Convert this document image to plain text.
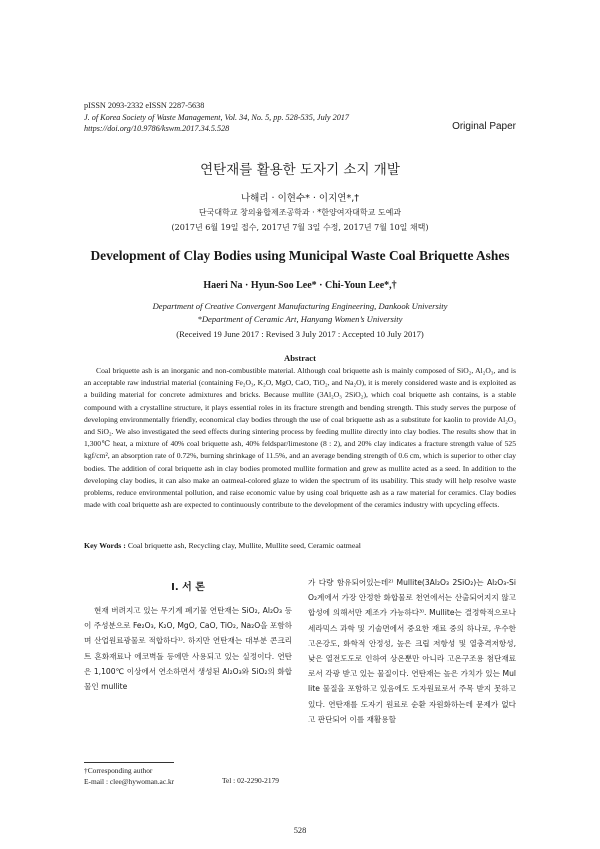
pISSN 2093-2332 eISSN 2287-5638
J. of Korea Society of Waste Management, Vol. 34, No. 5, pp. 528-535, July 2017
https://doi.org/10.9786/kswm.2017.34.5.528	Original Paper
연탄재를 활용한 도자기 소지 개발
나해리 · 이현수* · 이지연*,†
단국대학교 창의융합제조공학과 · *한양여자대학교 도예과
(2017년 6월 19일 접수, 2017년 7월 3일 수정, 2017년 7월 10일 채택)
Development of Clay Bodies using Municipal Waste Coal Briquette Ashes
Haeri Na · Hyun-Soo Lee* · Chi-Youn Lee*,†
Department of Creative Convergent Manufacturing Engineering, Dankook University
*Department of Ceramic Art, Hanyang Women’s University
(Received 19 June 2017 : Revised 3 July 2017 : Accepted 10 July 2017)
Abstract
Coal briquette ash is an inorganic and non-combustible material. Although coal briquette ash is mainly composed of SiO₂, Al₂O₃, and is an acceptable raw industrial material (containing Fe₂O₃, K₂O, MgO, CaO, TiO₂, and Na₂O), it is merely considered waste and is exploited as a building material for concrete admixtures and bricks. Because mullite (3Al₂O₃ 2SiO₂), which coal briquette ash contains, is a stable compound with a crystalline structure, it plays essential roles in its fracture strength and bending strength. This study serves the purpose of developing environmentally friendly, economical clay bodies through the use of coal briquette ash as a substitute for kaolin to provide Al₂O₃ and SiO₂. We also investigated the seed effects during sintering process by feeding mullite directly into clay bodies. The results show that in 1,300℃ heat, a mixture of 40% coal briquette ash, 40% feldspar/limestone (8 : 2), and 20% clay indicates a fracture strength value of 525 kgf/cm², an absorption rate of 0.72%, burning shrinkage of 11.5%, and an average bending strength of 0.6 cm, which is superior to other clay bodies. The addition of coral briquette ash in clay bodies promoted mullite formation and grew as mullite acted as a seed. In addition to the developing clay bodies, it can also make an oatmeal-colored glaze to widen the spectrum of its usability. This study will help resolve waste problems, reduce environmental pollution, and raise economic value by using coal briquette ash as a raw material for ceramics. Clay bodies made with coal briquette ash are expected to continuously contribute to the development of the ceramics industry with upcycling effects.
Key Words : Coal briquette ash, Recycling clay, Mullite, Mullite seed, Ceramic oatmeal
I. 서 론
현재 버려지고 있는 무기계 폐기물 연탄재는 SiO₂, Al₂O₃ 등이 주성분으로 Fe₂O₃, K₂O, MgO, CaO, TiO₂, Na₂O을 포함하며 산업원료광물로 적합하다¹⁾. 하지만 연탄재는 대부분 콘크리트 혼화재료나 에코벽돌 등에만 사용되고 있는 실정이다. 연탄은 1,100℃ 이상에서 연소하면서 생성된 Al₂O₃와 SiO₂의 화합물인 mullite
가 다량 함유되어있는데²⁾ Mullite(3Al₂O₃ 2SiO₂)는 Al₂O₃-SiO₂계에서 가장 안정한 화합물로 천연에서는 산출되어지지 않고 합성에 의해서만 제조가 가능하다³⁾. Mullite는 결정학적으로나 세라믹스 과학 및 기술면에서 중요한 재료 중의 하나로, 우수한 고온강도, 화학적 안정성, 높은 크립 저항성 및 열충격저항성, 낮은 열전도도로 인하여 상온뿐만 아니라 고온구조용 첨단재료로서 각광 받고 있는 물질이다. 연탄재는 높은 가치가 있는 Mullite 물질을 포함하고 있음에도 도자원료로서 주목 받지 못하고 있다. 연탄재를 도자기 원료로 순환 자원화하는데 문제가 없다고 판단되어 이를 재활용할
†Corresponding author
E-mail : clee@hywoman.ac.kr	Tel : 02-2290-2179
528
